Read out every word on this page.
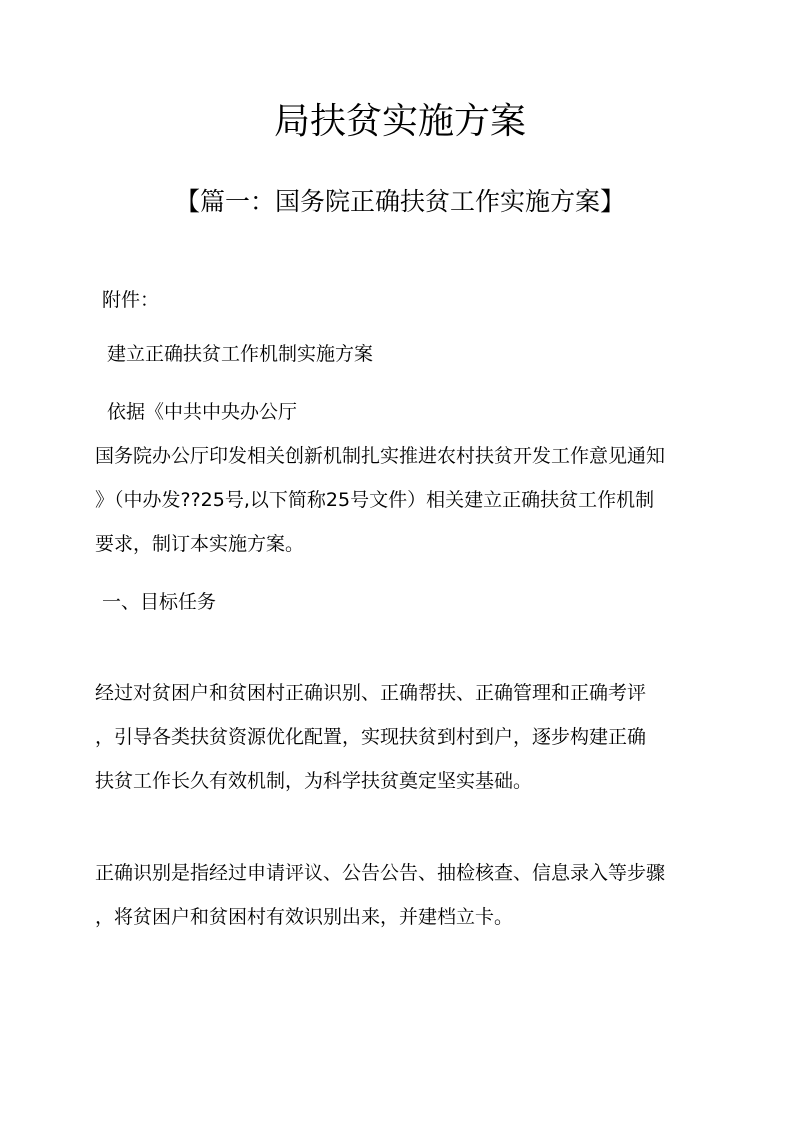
局扶贫实施方案
【篇一：国务院正确扶贫工作实施方案】

附件：

建立正确扶贫工作机制实施方案

依据《中共中央办公厅

国务院办公厅印发相关创新机制扎实推进农村扶贫开发工作意见通知

》（中办发??25号,以下简称25号文件）相关建立正确扶贫工作机制

要求，制订本实施方案。

一、目标任务

经过对贫困户和贫困村正确识别、正确帮扶、正确管理和正确考评

，引导各类扶贫资源优化配置，实现扶贫到村到户，逐步构建正确

扶贫工作长久有效机制，为科学扶贫奠定坚实基础。

正确识别是指经过申请评议、公告公告、抽检核查、信息录入等步骤

，将贫困户和贫困村有效识别出来，并建档立卡。
